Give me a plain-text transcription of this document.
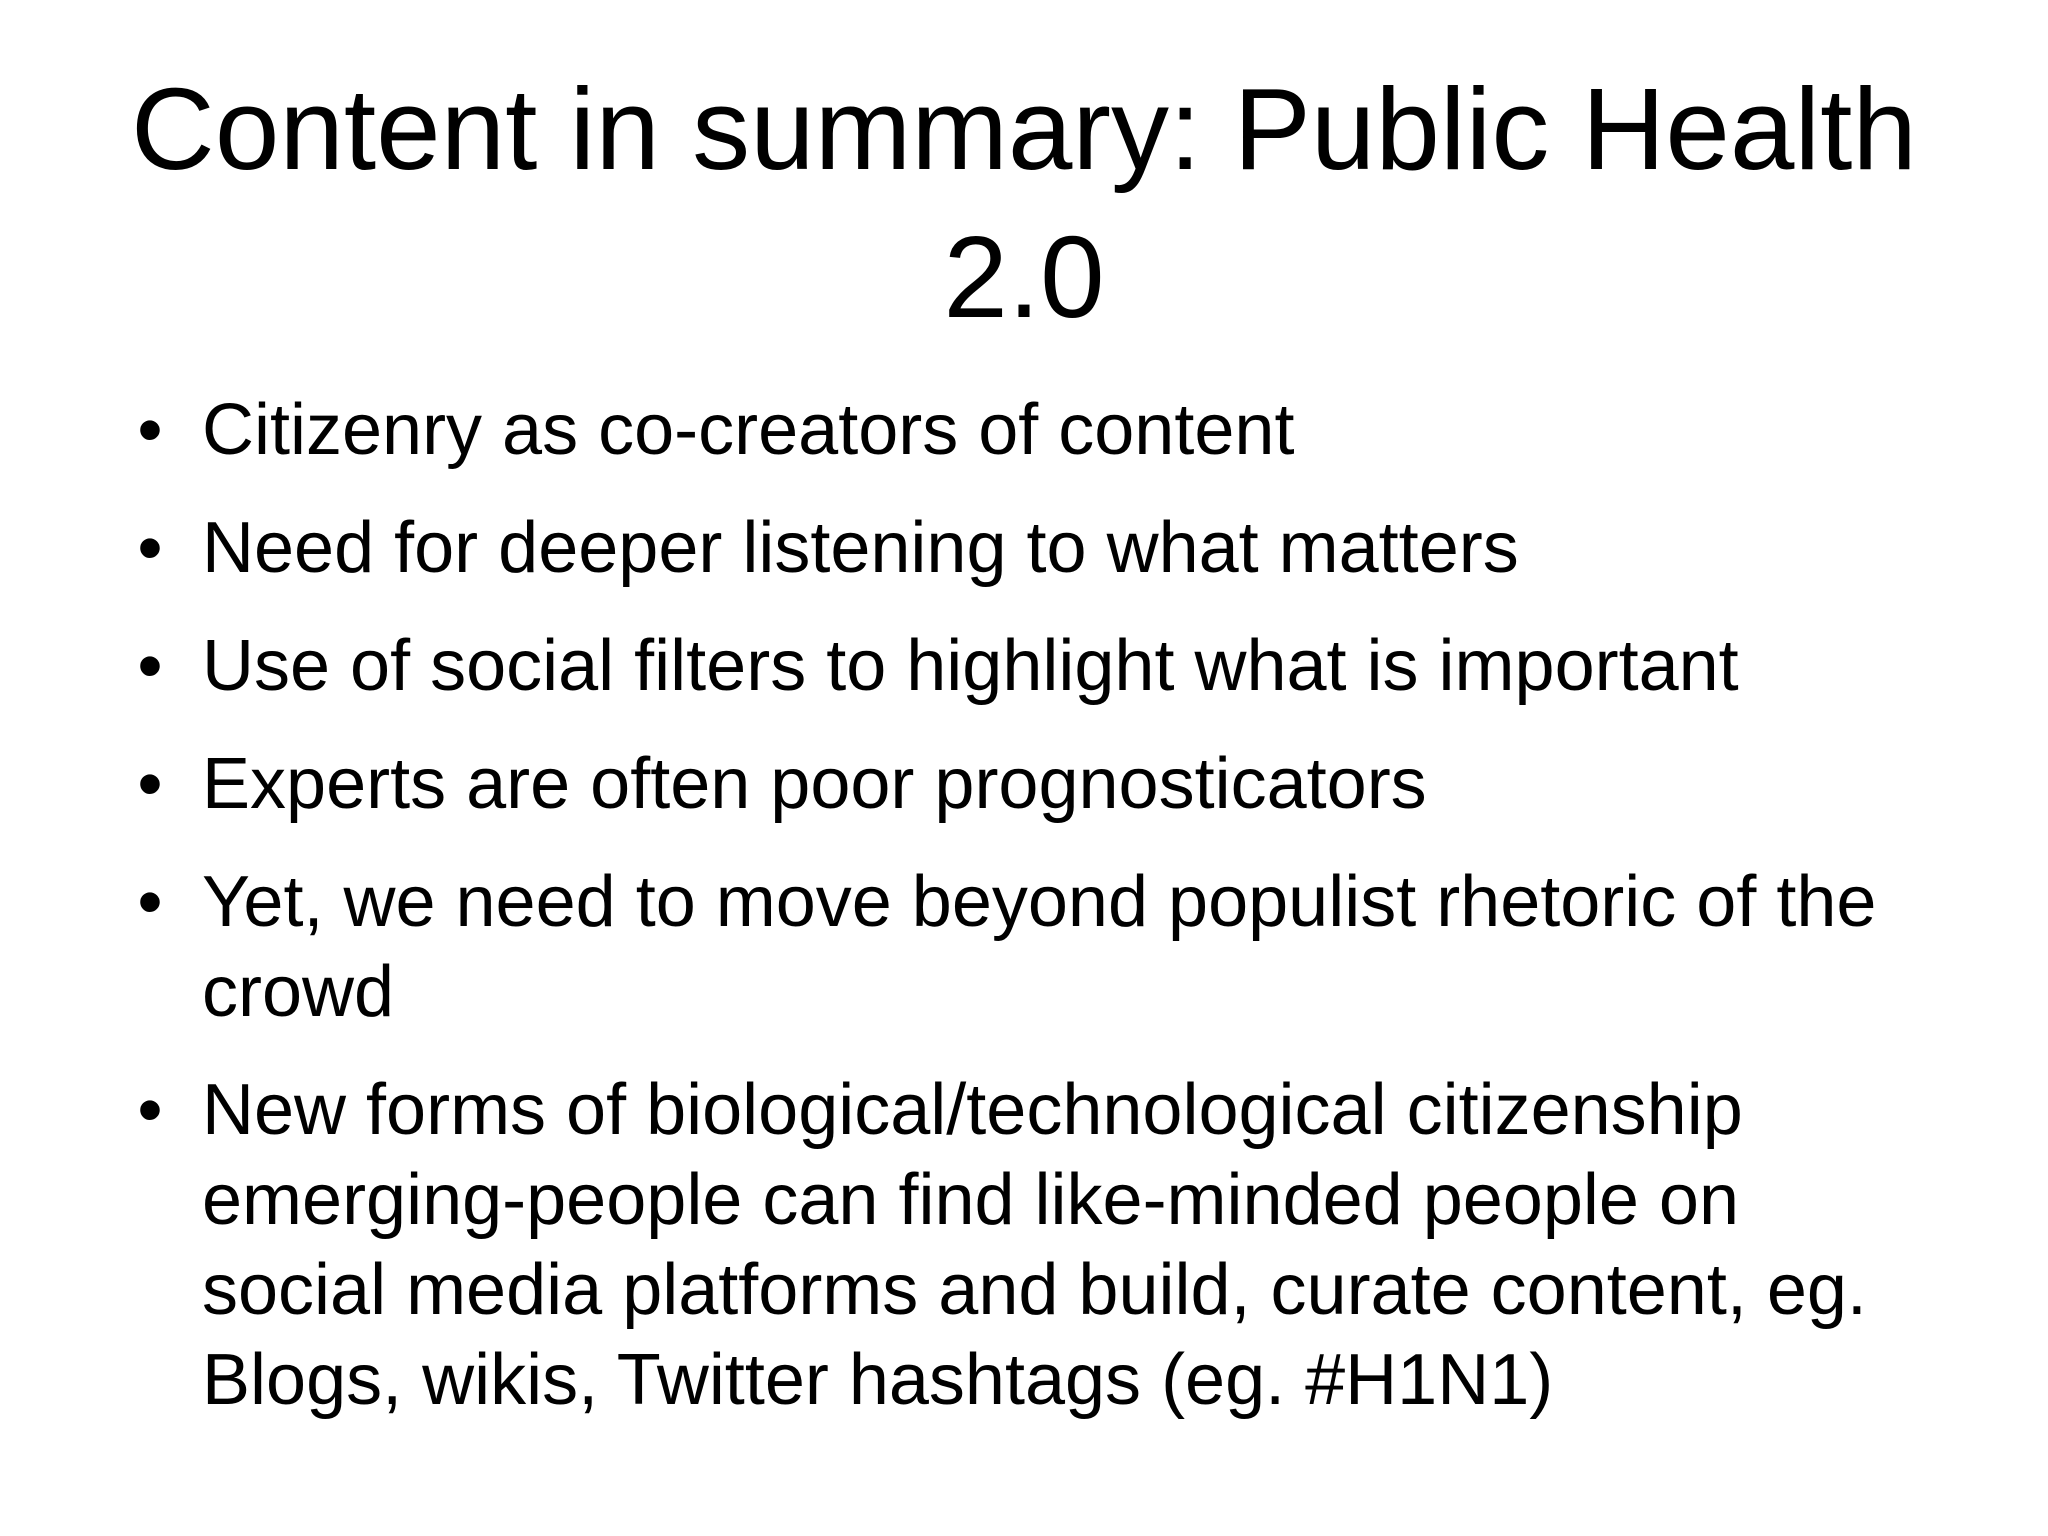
Content in summary: Public Health 2.0
• Citizenry as co-creators of content
• Need for deeper listening to what matters
• Use of social filters to highlight what is important
• Experts are often poor prognosticators
• Yet, we need to move beyond populist rhetoric of the crowd
• New forms of biological/technological citizenship emerging-people can find like-minded people on social media platforms and build, curate content, eg. Blogs, wikis, Twitter hashtags (eg. #H1N1)
